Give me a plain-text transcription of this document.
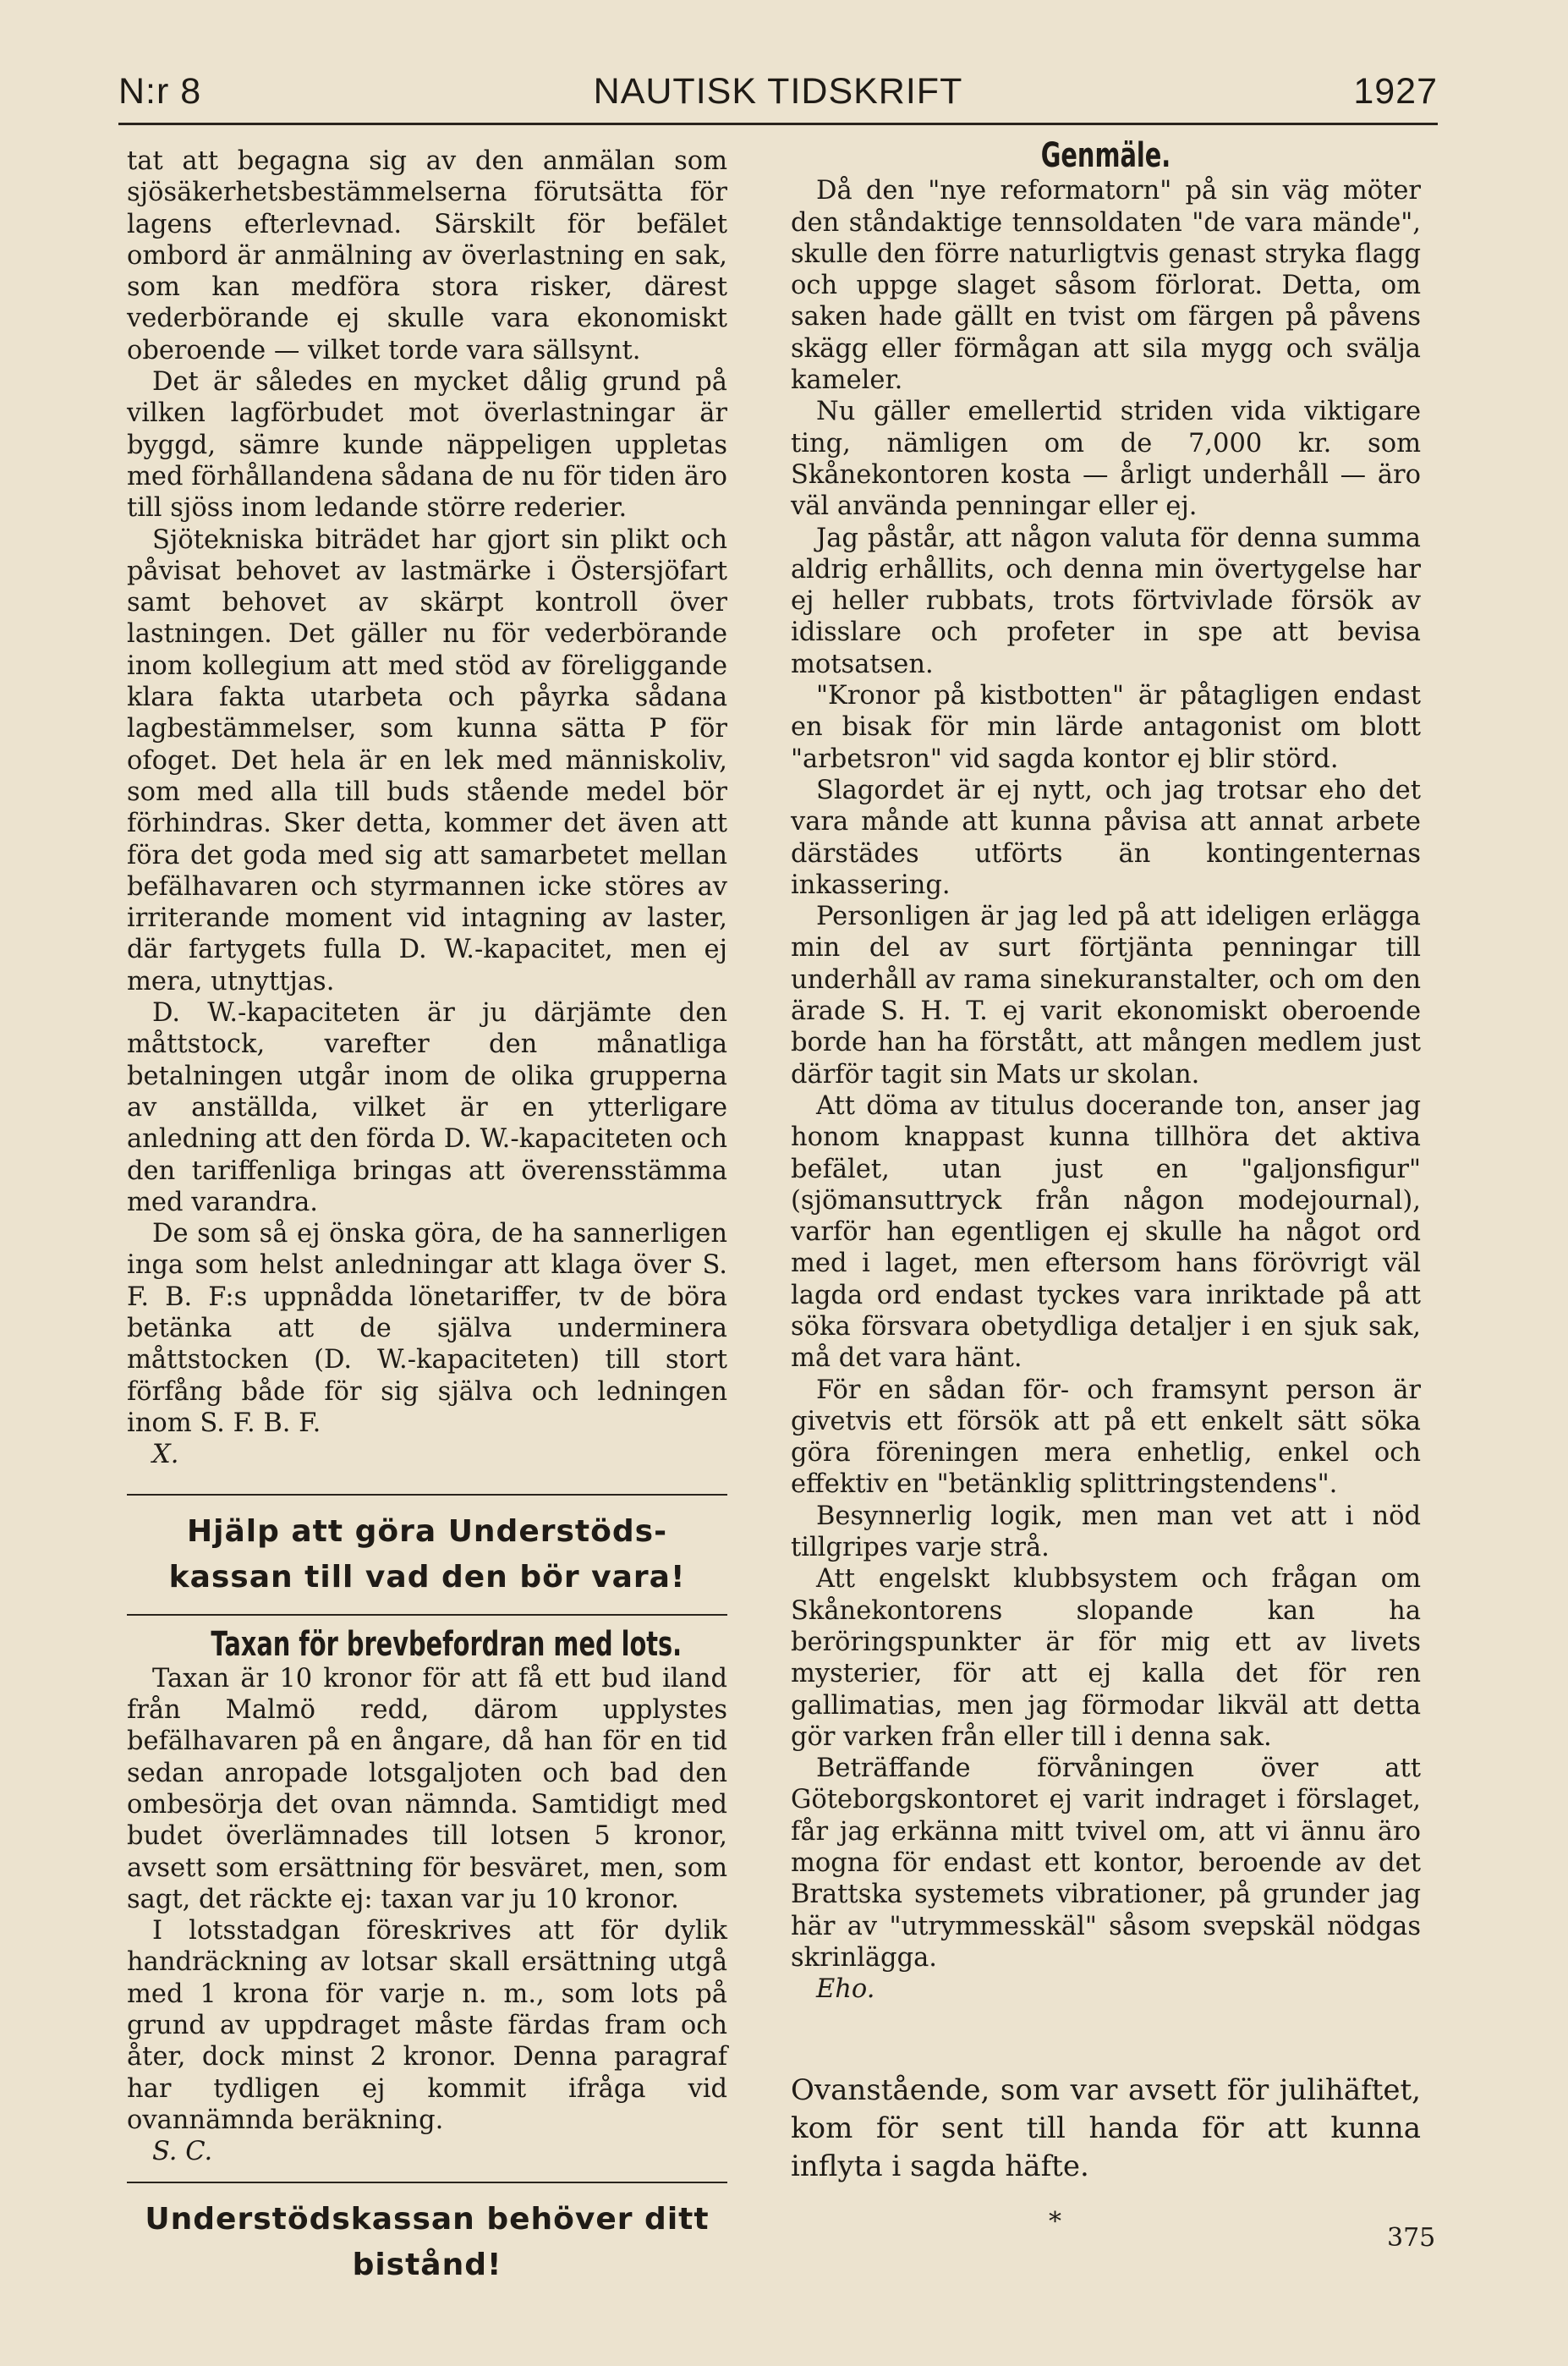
N:r 8	NAUTISK TIDSKRIFT	1927

tat att begagna sig av den anmälan som sjösäkerhetsbestämmelserna förutsätta för lagens efterlevnad. Särskilt för befälet ombord är anmälning av överlastning en sak, som kan medföra stora risker, därest vederbörande ej skulle vara ekonomiskt oberoende — vilket torde vara sällsynt.

Det är således en mycket dålig grund på vilken lagförbudet mot överlastningar är byggd, sämre kunde näppeligen uppletas med förhållandena sådana de nu för tiden äro till sjöss inom ledande större rederier.

Sjötekniska biträdet har gjort sin plikt och påvisat behovet av lastmärke i Östersjöfart samt behovet av skärpt kontroll över lastningen. Det gäller nu för vederbörande inom kollegium att med stöd av föreliggande klara fakta utarbeta och påyrka sådana lagbestämmelser, som kunna sätta P för ofoget. Det hela är en lek med människoliv, som med alla till buds stående medel bör förhindras. Sker detta, kommer det även att föra det goda med sig att samarbetet mellan befälhavaren och styrmannen icke störes av irriterande moment vid intagning av laster, där fartygets fulla D. W.-kapacitet, men ej mera, utnyttjas.

D. W.-kapaciteten är ju därjämte den måttstock, varefter den månatliga betalningen utgår inom de olika grupperna av anställda, vilket är en ytterligare anledning att den förda D. W.-kapaciteten och den tariffenliga bringas att överensstämma med varandra.

De som så ej önska göra, de ha sannerligen inga som helst anledningar att klaga över S. F. B. F:s uppnådda lönetariffer, tv de böra betänka att de själva underminera måttstocken (D. W.-kapaciteten) till stort förfång både för sig själva och ledningen inom S. F. B. F.

X.

Hjälp att göra Understöds-
kassan till vad den bör vara!
Taxan för brevbefordran med lots.

Taxan är 10 kronor för att få ett bud iland från Malmö redd, därom upplystes befälhavaren på en ångare, då han för en tid sedan anropade lotsgaljoten och bad den ombesörja det ovan nämnda. Samtidigt med budet överlämnades till lotsen 5 kronor, avsett som ersättning för besväret, men, som sagt, det räckte ej: taxan var ju 10 kronor.

I lotsstadgan föreskrives att för dylik handräckning av lotsar skall ersättning utgå med 1 krona för varje n. m., som lots på grund av uppdraget måste färdas fram och åter, dock minst 2 kronor. Denna paragraf har tydligen ej kommit ifråga vid ovannämnda beräkning.

S. C.

Understödskassan behöver ditt
bistånd!
Genmäle.

Då den "nye reformatorn" på sin väg möter den ståndaktige tennsoldaten "de vara mände", skulle den förre naturligtvis genast stryka flagg och uppge slaget såsom förlorat. Detta, om saken hade gällt en tvist om färgen på påvens skägg eller förmågan att sila mygg och svälja kameler.

Nu gäller emellertid striden vida viktigare ting, nämligen om de 7,000 kr. som Skånekontoren kosta — årligt underhåll — äro väl använda penningar eller ej.

Jag påstår, att någon valuta för denna summa aldrig erhållits, och denna min övertygelse har ej heller rubbats, trots förtvivlade försök av idisslare och profeter in spe att bevisa motsatsen.

"Kronor på kistbotten" är påtagligen endast en bisak för min lärde antagonist om blott "arbetsron" vid sagda kontor ej blir störd.

Slagordet är ej nytt, och jag trotsar eho det vara månde att kunna påvisa att annat arbete därstädes utförts än kontingenternas inkassering.

Personligen är jag led på att ideligen erlägga min del av surt förtjänta penningar till underhåll av rama sinekuranstalter, och om den ärade S. H. T. ej varit ekonomiskt oberoende borde han ha förstått, att mången medlem just därför tagit sin Mats ur skolan.

Att döma av titulus docerande ton, anser jag honom knappast kunna tillhöra det aktiva befälet, utan just en "galjonsfigur" (sjömansuttryck från någon modejournal), varför han egentligen ej skulle ha något ord med i laget, men eftersom hans förövrigt väl lagda ord endast tyckes vara inriktade på att söka försvara obetydliga detaljer i en sjuk sak, må det vara hänt.

För en sådan för- och framsynt person är givetvis ett försök att på ett enkelt sätt söka göra föreningen mera enhetlig, enkel och effektiv en "betänklig splittringstendens".

Besynnerlig logik, men man vet att i nöd tillgripes varje strå.

Att engelskt klubbsystem och frågan om Skånekontorens slopande kan ha beröringspunkter är för mig ett av livets mysterier, för att ej kalla det för ren gallimatias, men jag förmodar likväl att detta gör varken från eller till i denna sak.

Beträffande förvåningen över att Göteborgskontoret ej varit indraget i förslaget, får jag erkänna mitt tvivel om, att vi ännu äro mogna för endast ett kontor, beroende av det Brattska systemets vibrationer, på grunder jag här av "utrymmesskäl" såsom svepskäl nödgas skrinlägga.

Eho.

Ovanstående, som var avsett för julihäftet, kom för sent till handa för att kunna inflyta i sagda häfte.

*
375
